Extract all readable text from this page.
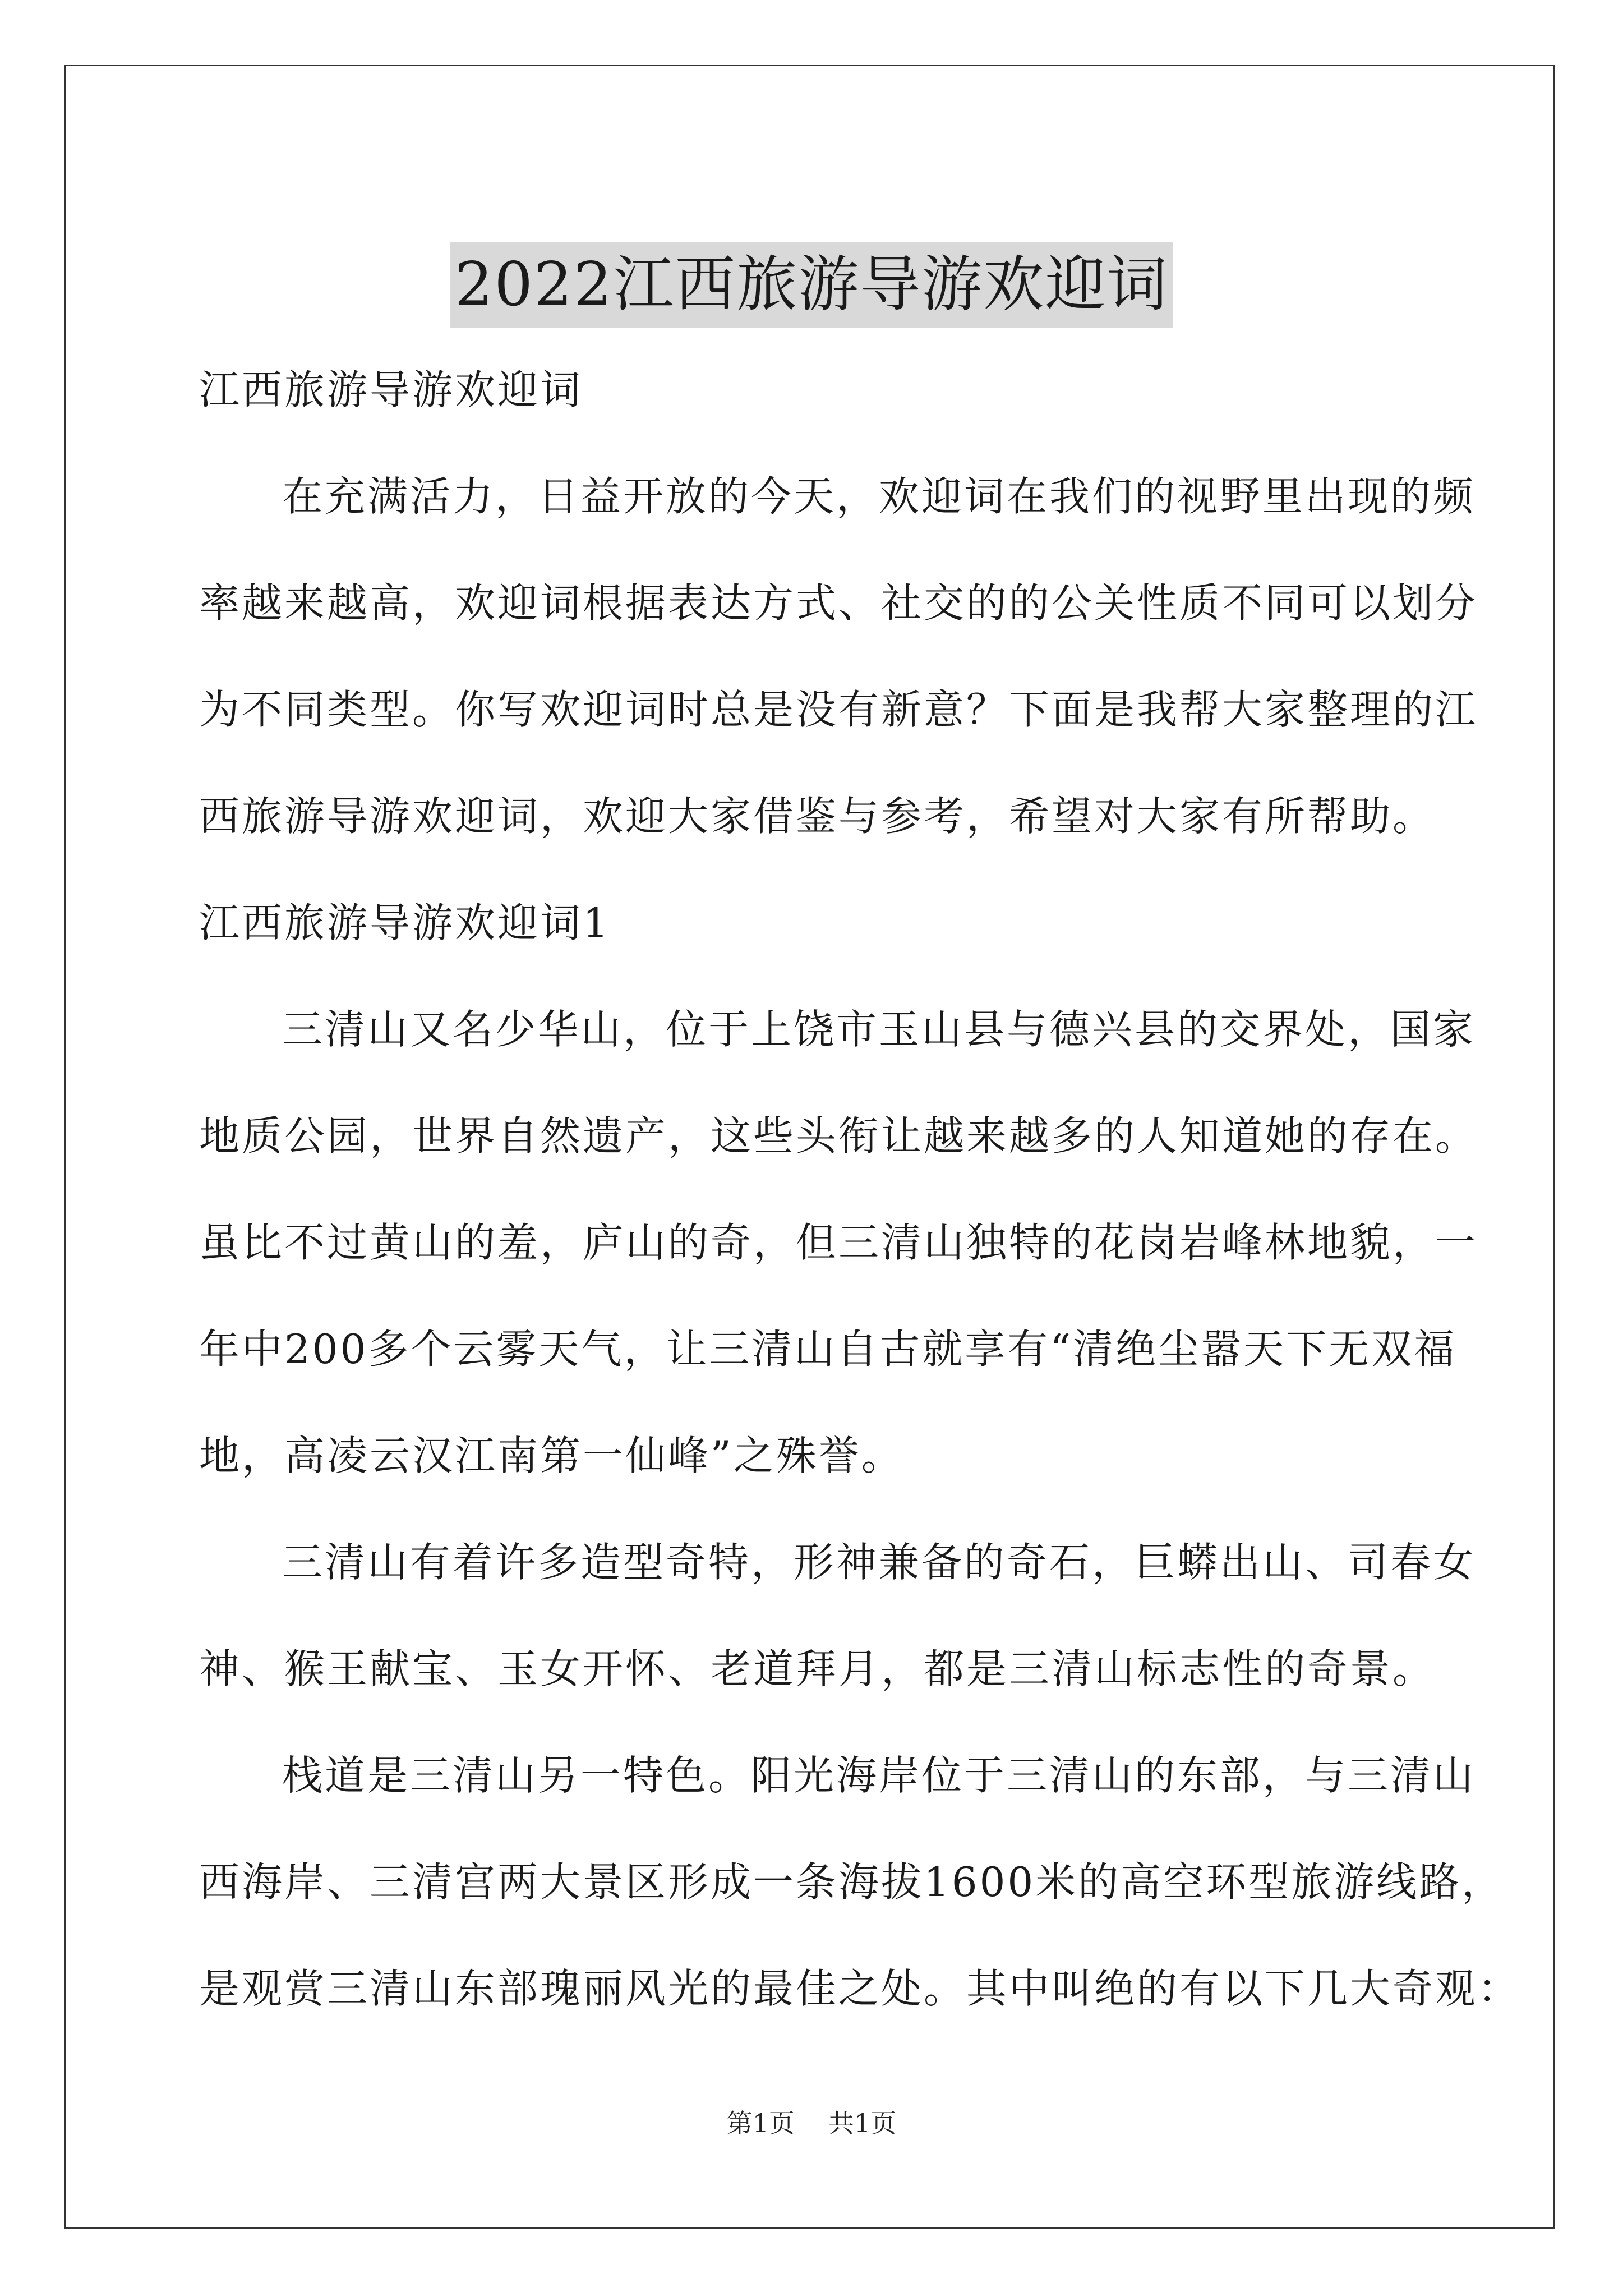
2022江西旅游导游欢迎词
江西旅游导游欢迎词
在充满活力，日益开放的今天，欢迎词在我们的视野里出现的频
率越来越高，欢迎词根据表达方式、社交的的公关性质不同可以划分
为不同类型。你写欢迎词时总是没有新意？下面是我帮大家整理的江
西旅游导游欢迎词，欢迎大家借鉴与参考，希望对大家有所帮助。
江西旅游导游欢迎词1
三清山又名少华山，位于上饶市玉山县与德兴县的交界处，国家
地质公园，世界自然遗产，这些头衔让越来越多的人知道她的存在。
虽比不过黄山的羞，庐山的奇，但三清山独特的花岗岩峰林地貌，一
年中200多个云雾天气，让三清山自古就享有“清绝尘嚣天下无双福
地，高凌云汉江南第一仙峰”之殊誉。
三清山有着许多造型奇特，形神兼备的奇石，巨蟒出山、司春女
神、猴王献宝、玉女开怀、老道拜月，都是三清山标志性的奇景。
栈道是三清山另一特色。阳光海岸位于三清山的东部，与三清山
西海岸、三清宫两大景区形成一条海拔1600米的高空环型旅游线路，
是观赏三清山东部瑰丽风光的最佳之处。其中叫绝的有以下几大奇观：
第1页 共1页
